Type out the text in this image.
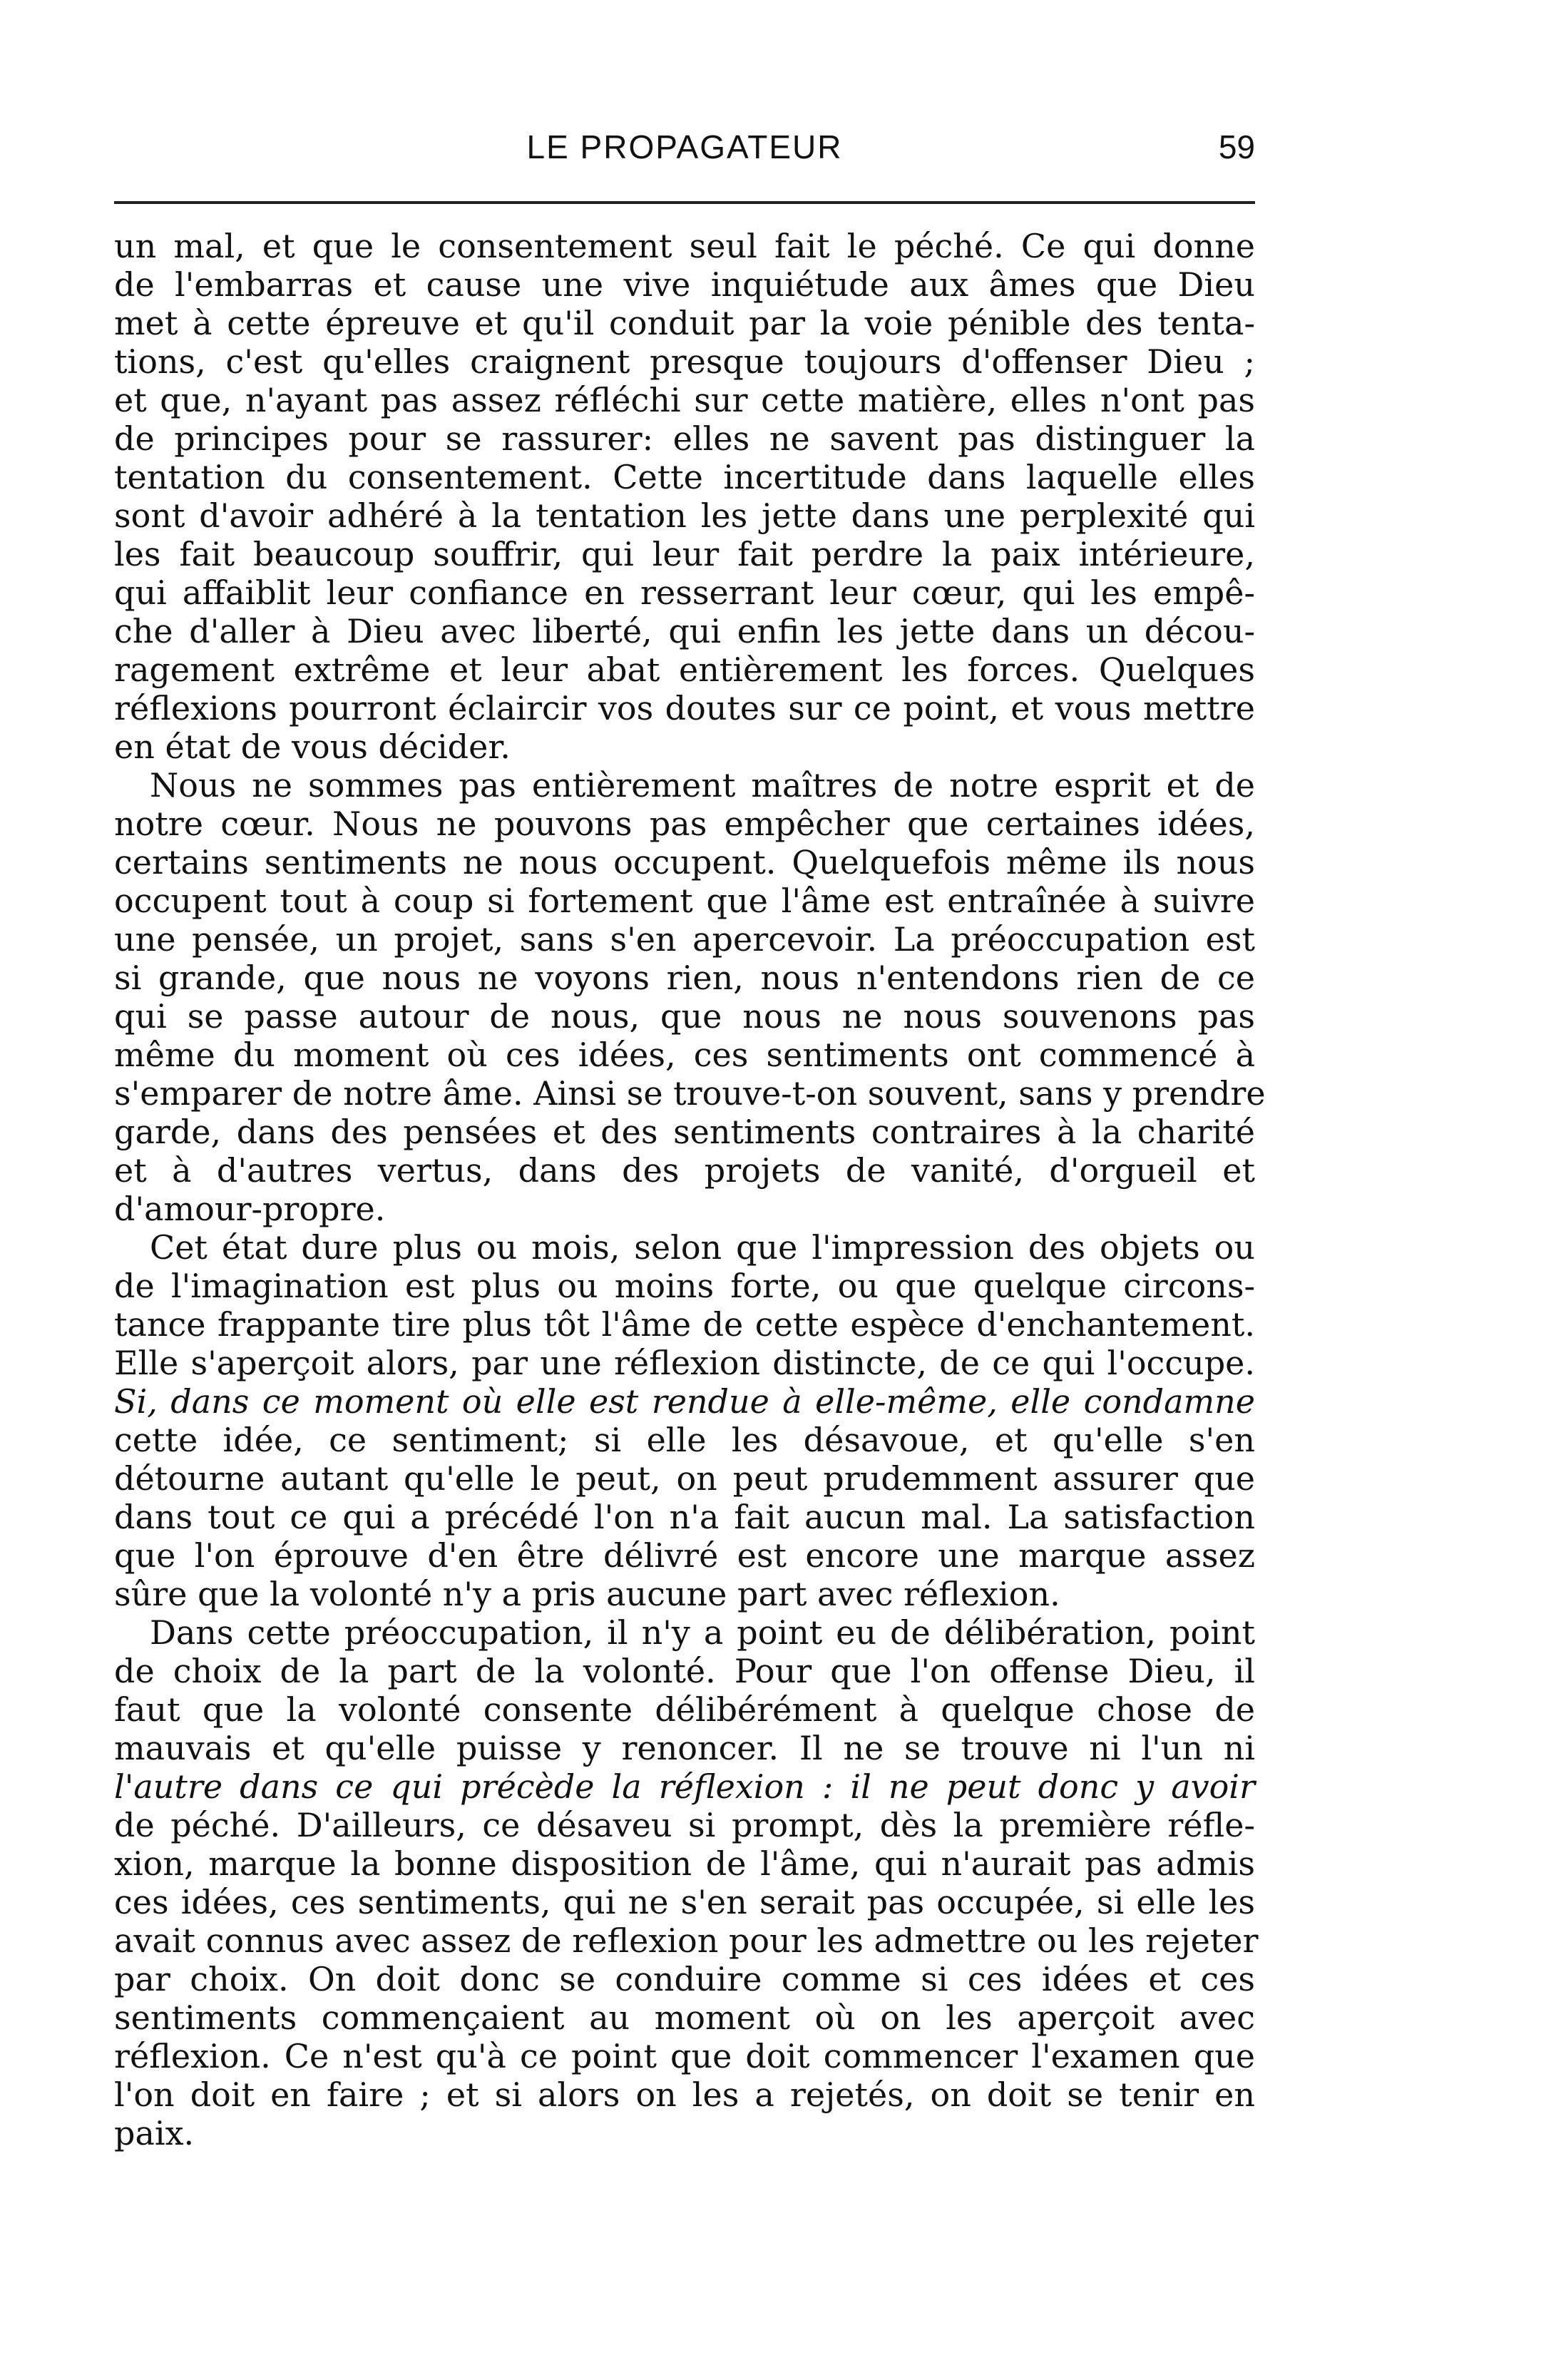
LE PROPAGATEUR	59
un mal, et que le consentement seul fait le péché. Ce qui donne
de l'embarras et cause une vive inquiétude aux âmes que Dieu
met à cette épreuve et qu'il conduit par la voie pénible des tenta-
tions, c'est qu'elles craignent presque toujours d'offenser Dieu ;
et que, n'ayant pas assez réfléchi sur cette matière, elles n'ont pas
de principes pour se rassurer: elles ne savent pas distinguer la
tentation du consentement. Cette incertitude dans laquelle elles
sont d'avoir adhéré à la tentation les jette dans une perplexité qui
les fait beaucoup souffrir, qui leur fait perdre la paix intérieure,
qui affaiblit leur confiance en resserrant leur cœur, qui les empê-
che d'aller à Dieu avec liberté, qui enfin les jette dans un décou-
ragement extrême et leur abat entièrement les forces. Quelques
réflexions pourront éclaircir vos doutes sur ce point, et vous mettre
en état de vous décider.
Nous ne sommes pas entièrement maîtres de notre esprit et de
notre cœur. Nous ne pouvons pas empêcher que certaines idées,
certains sentiments ne nous occupent. Quelquefois même ils nous
occupent tout à coup si fortement que l'âme est entraînée à suivre
une pensée, un projet, sans s'en apercevoir. La préoccupation est
si grande, que nous ne voyons rien, nous n'entendons rien de ce
qui se passe autour de nous, que nous ne nous souvenons pas
même du moment où ces idées, ces sentiments ont commencé à
s'emparer de notre âme. Ainsi se trouve-t-on souvent, sans y prendre
garde, dans des pensées et des sentiments contraires à la charité
et à d'autres vertus, dans des projets de vanité, d'orgueil et
d'amour-propre.
Cet état dure plus ou mois, selon que l'impression des objets ou
de l'imagination est plus ou moins forte, ou que quelque circons-
tance frappante tire plus tôt l'âme de cette espèce d'enchantement.
Elle s'aperçoit alors, par une réflexion distincte, de ce qui l'occupe.
Si, dans ce moment où elle est rendue à elle-même, elle condamne
cette idée, ce sentiment; si elle les désavoue, et qu'elle s'en
détourne autant qu'elle le peut, on peut prudemment assurer que
dans tout ce qui a précédé l'on n'a fait aucun mal. La satisfaction
que l'on éprouve d'en être délivré est encore une marque assez
sûre que la volonté n'y a pris aucune part avec réflexion.
Dans cette préoccupation, il n'y a point eu de délibération, point
de choix de la part de la volonté. Pour que l'on offense Dieu, il
faut que la volonté consente délibérément à quelque chose de
mauvais et qu'elle puisse y renoncer. Il ne se trouve ni l'un ni
l'autre dans ce qui précède la réflexion : il ne peut donc y avoir
de péché. D'ailleurs, ce désaveu si prompt, dès la première réfle-
xion, marque la bonne disposition de l'âme, qui n'aurait pas admis
ces idées, ces sentiments, qui ne s'en serait pas occupée, si elle les
avait connus avec assez de reflexion pour les admettre ou les rejeter
par choix. On doit donc se conduire comme si ces idées et ces
sentiments commençaient au moment où on les aperçoit avec
réflexion. Ce n'est qu'à ce point que doit commencer l'examen que
l'on doit en faire ; et si alors on les a rejetés, on doit se tenir en
paix.
